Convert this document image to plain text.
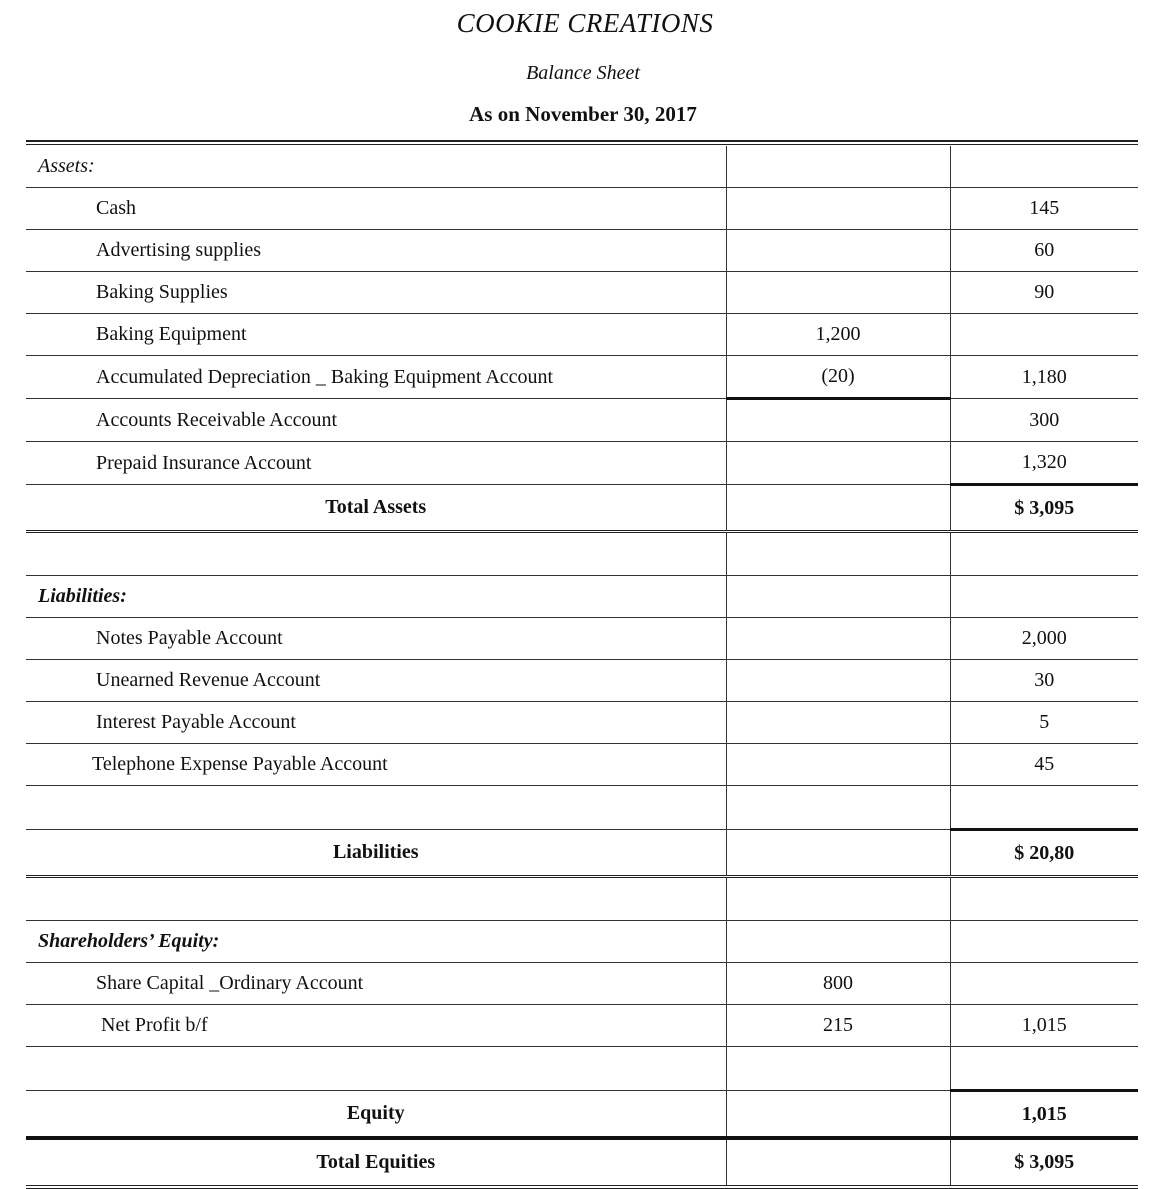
COOKIE CREATIONS
Balance Sheet
As on November 30, 2017
Assets:		
Cash		145
Advertising supplies		60
Baking Supplies		90
Baking Equipment	1,200	
Accumulated Depreciation _ Baking Equipment Account	(20)	1,180
Accounts Receivable Account		300
Prepaid Insurance Account		1,320
Total Assets		$ 3,095

Liabilities:		
Notes Payable Account		2,000
Unearned Revenue Account		30
Interest Payable Account		5
Telephone Expense Payable Account		45

Liabilities		$ 20,80

Shareholders’ Equity:		
Share Capital _Ordinary Account	800	
Net Profit b/f	215	1,015

Equity		1,015
Total Equities		$ 3,095
